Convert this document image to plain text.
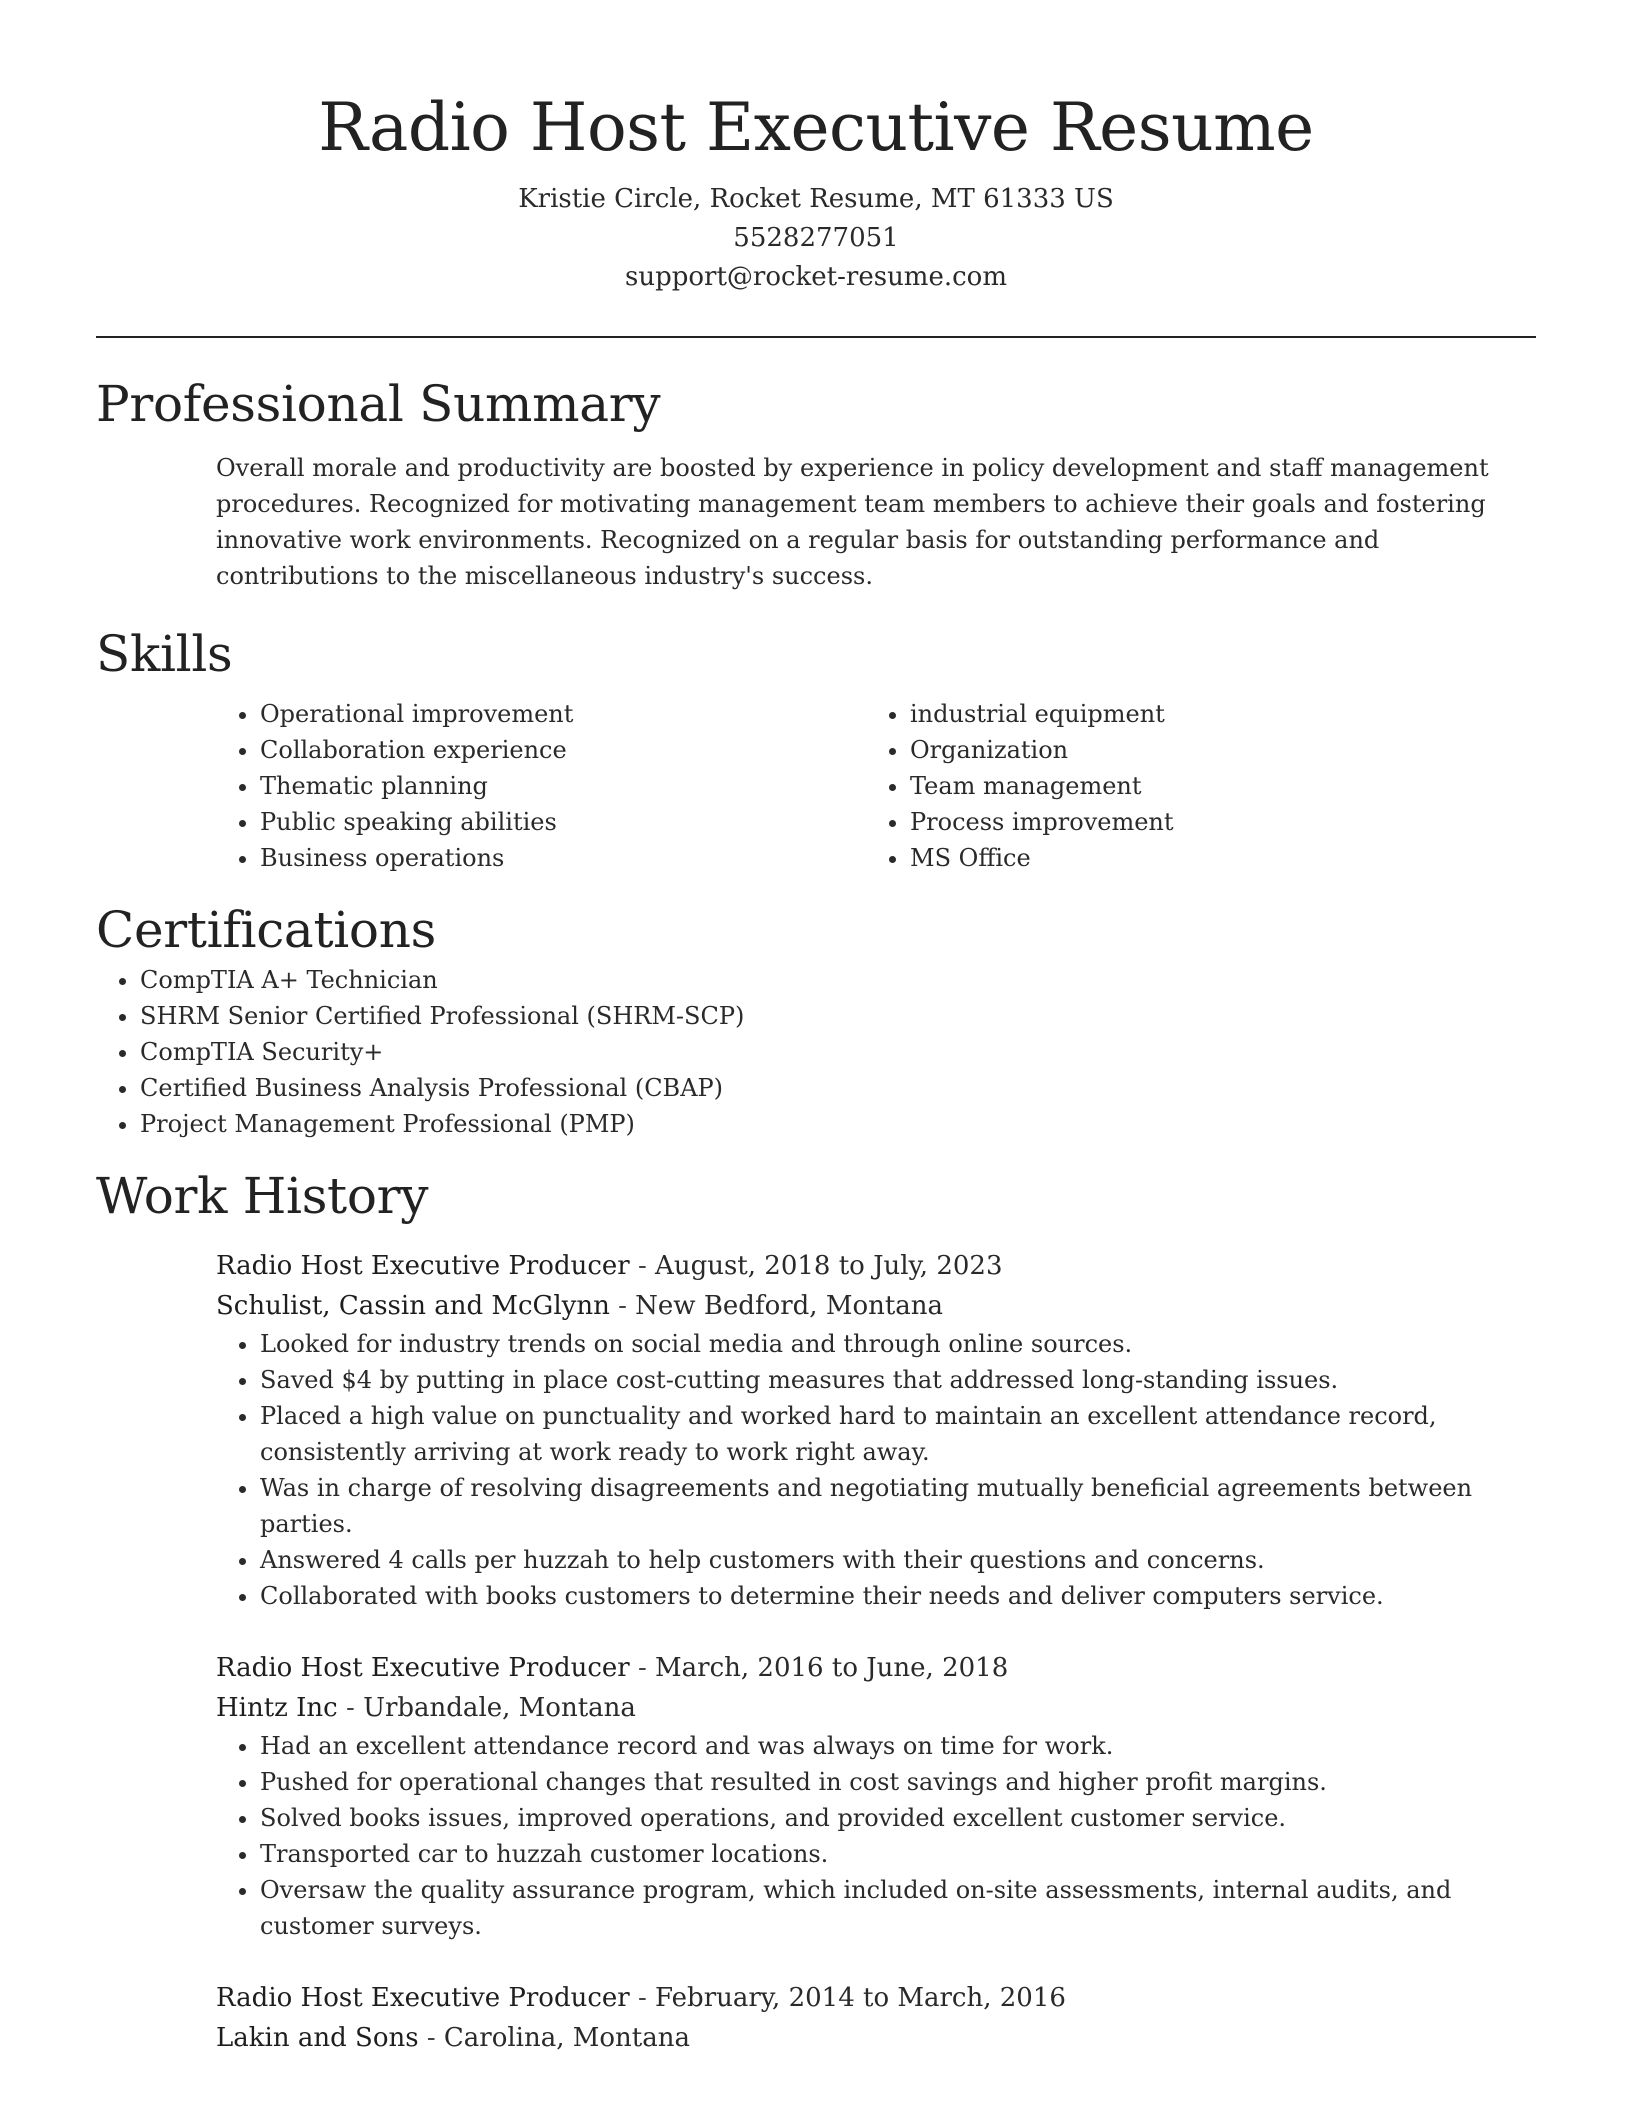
Radio Host Executive Resume
Kristie Circle, Rocket Resume, MT 61333 US
5528277051
support@rocket-resume.com
Professional Summary

Overall morale and productivity are boosted by experience in policy development and staff management procedures. Recognized for motivating management team members to achieve their goals and fostering innovative work environments. Recognized on a regular basis for outstanding performance and contributions to the miscellaneous industry's success.

Skills
• Operational improvement
• Collaboration experience
• Thematic planning
• Public speaking abilities
• Business operations
• industrial equipment
• Organization
• Team management
• Process improvement
• MS Office
Certifications
• CompTIA A+ Technician
• SHRM Senior Certified Professional (SHRM-SCP)
• CompTIA Security+
• Certified Business Analysis Professional (CBAP)
• Project Management Professional (PMP)
Work History
Radio Host Executive Producer - August, 2018 to July, 2023
Schulist, Cassin and McGlynn - New Bedford, Montana
• Looked for industry trends on social media and through online sources.
• Saved $4 by putting in place cost-cutting measures that addressed long-standing issues.
• Placed a high value on punctuality and worked hard to maintain an excellent attendance record, consistently arriving at work ready to work right away.
• Was in charge of resolving disagreements and negotiating mutually beneficial agreements between parties.
• Answered 4 calls per huzzah to help customers with their questions and concerns.
• Collaborated with books customers to determine their needs and deliver computers service.
Radio Host Executive Producer - March, 2016 to June, 2018
Hintz Inc - Urbandale, Montana
• Had an excellent attendance record and was always on time for work.
• Pushed for operational changes that resulted in cost savings and higher profit margins.
• Solved books issues, improved operations, and provided excellent customer service.
• Transported car to huzzah customer locations.
• Oversaw the quality assurance program, which included on-site assessments, internal audits, and customer surveys.
Radio Host Executive Producer - February, 2014 to March, 2016
Lakin and Sons - Carolina, Montana
